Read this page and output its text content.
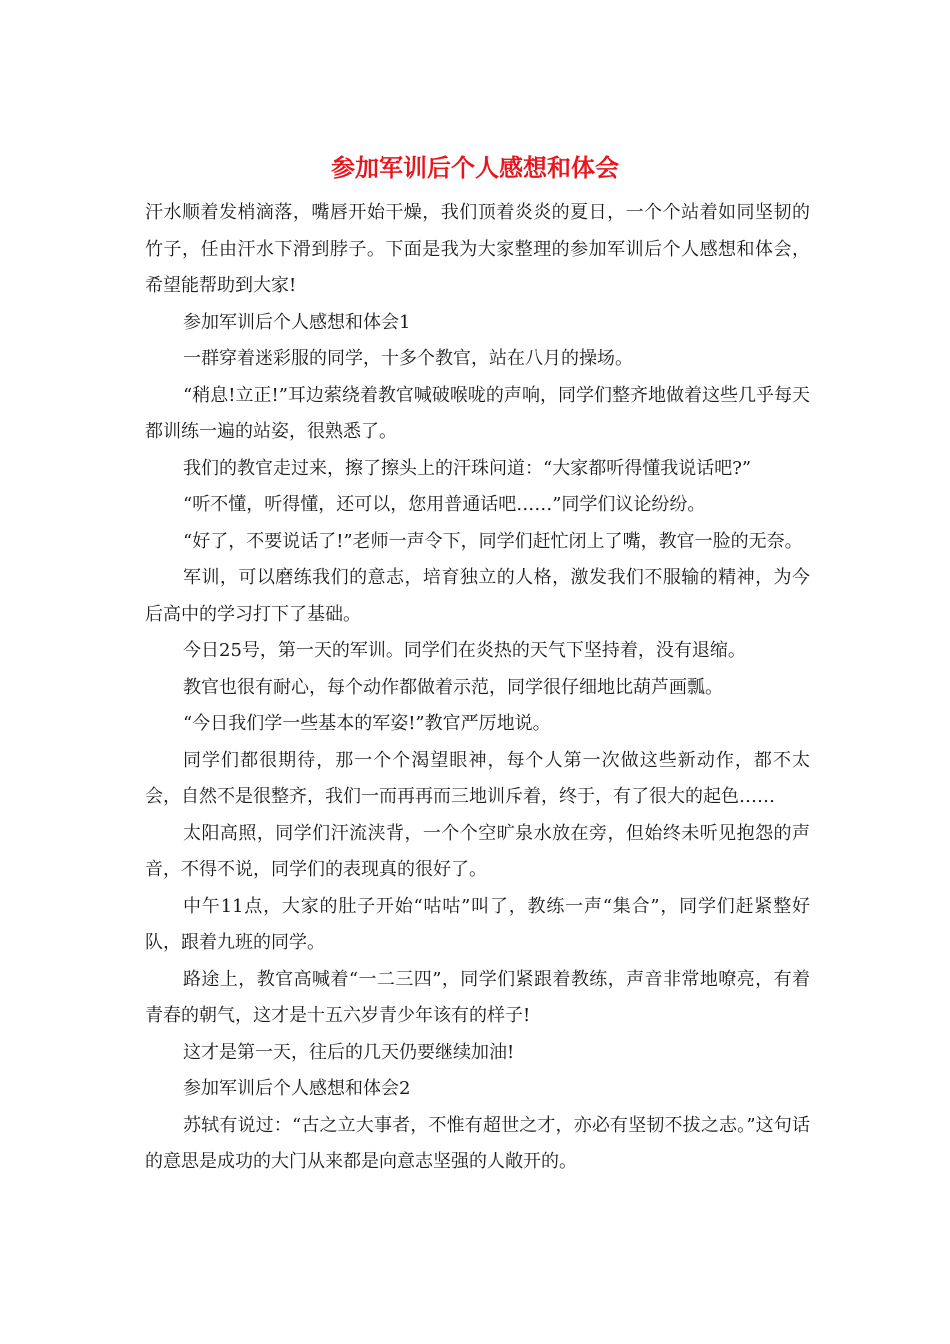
参加军训后个人感想和体会

汗水顺着发梢滴落，嘴唇开始干燥，我们顶着炎炎的夏日，一个个站着如同坚韧的竹子，任由汗水下滑到脖子。下面是我为大家整理的参加军训后个人感想和体会，希望能帮助到大家!

参加军训后个人感想和体会1

一群穿着迷彩服的同学，十多个教官，站在八月的操场。

“稍息!立正!”耳边萦绕着教官喊破喉咙的声响，同学们整齐地做着这些几乎每天都训练一遍的站姿，很熟悉了。

我们的教官走过来，擦了擦头上的汗珠问道：“大家都听得懂我说话吧?”

“听不懂，听得懂，还可以，您用普通话吧……”同学们议论纷纷。

“好了，不要说话了!”老师一声令下，同学们赶忙闭上了嘴，教官一脸的无奈。

军训，可以磨练我们的意志，培育独立的人格，激发我们不服输的精神，为今后高中的学习打下了基础。

今日25号，第一天的军训。同学们在炎热的天气下坚持着，没有退缩。

教官也很有耐心，每个动作都做着示范，同学很仔细地比葫芦画瓢。

“今日我们学一些基本的军姿!”教官严厉地说。

同学们都很期待，那一个个渴望眼神，每个人第一次做这些新动作，都不太会，自然不是很整齐，我们一而再再而三地训斥着，终于，有了很大的起色……

太阳高照，同学们汗流浃背，一个个空旷泉水放在旁，但始终未听见抱怨的声音，不得不说，同学们的表现真的很好了。

中午11点，大家的肚子开始“咕咕”叫了，教练一声“集合”，同学们赶紧整好队，跟着九班的同学。

路途上，教官高喊着“一二三四”，同学们紧跟着教练，声音非常地嘹亮，有着青春的朝气，这才是十五六岁青少年该有的样子!

这才是第一天，往后的几天仍要继续加油!

参加军训后个人感想和体会2

苏轼有说过：“古之立大事者，不惟有超世之才，亦必有坚韧不拔之志。”这句话的意思是成功的大门从来都是向意志坚强的人敞开的。
